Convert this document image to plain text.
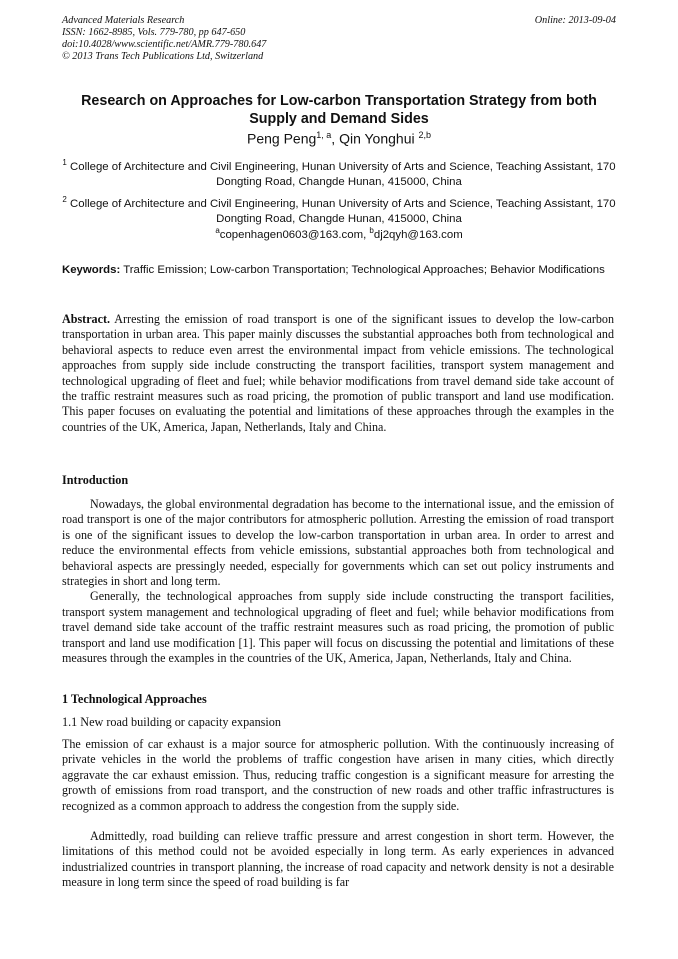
Advanced Materials Research
ISSN: 1662-8985, Vols. 779-780, pp 647-650
doi:10.4028/www.scientific.net/AMR.779-780.647
© 2013 Trans Tech Publications Ltd, Switzerland
Online: 2013-09-04
Research on Approaches for Low-carbon Transportation Strategy from both Supply and Demand Sides
Peng Peng$^{1, a}$, Qin Yonghui $^{2,b}$
$^1$ College of Architecture and Civil Engineering, Hunan University of Arts and Science, Teaching Assistant, 170 Dongting Road, Changde Hunan, 415000, China
$^2$ College of Architecture and Civil Engineering, Hunan University of Arts and Science, Teaching Assistant, 170 Dongting Road, Changde Hunan, 415000, China
$^a$copenhagen0603@163.com, $^b$dj2qyh@163.com
Keywords: Traffic Emission; Low-carbon Transportation; Technological Approaches; Behavior Modifications

Abstract. Arresting the emission of road transport is one of the significant issues to develop the low-carbon transportation in urban area. This paper mainly discusses the substantial approaches both from technological and behavioral aspects to reduce even arrest the environmental impact from vehicle emissions. The technological approaches from supply side include constructing the transport facilities, transport system management and technological upgrading of fleet and fuel; while behavior modifications from travel demand side take account of the traffic restraint measures such as road pricing, the promotion of public transport and land use modification. This paper focuses on evaluating the potential and limitations of these approaches through the examples in the countries of the UK, America, Japan, Netherlands, Italy and China.

Introduction

Nowadays, the global environmental degradation has become to the international issue, and the emission of road transport is one of the major contributors for atmospheric pollution. Arresting the emission of road transport is one of the significant issues to develop the low-carbon transportation in urban area. In order to arrest and reduce the environmental effects from vehicle emissions, substantial approaches both from technological and behavioral aspects are pressingly needed, especially for governments which can set out policy instruments and strategies in short and long term.

Generally, the technological approaches from supply side include constructing the transport facilities, transport system management and technological upgrading of fleet and fuel; while behavior modifications from travel demand side take account of the traffic restraint measures such as road pricing, the promotion of public transport and land use modification [1]. This paper will focus on discussing the potential and limitations of these measures through the examples in the countries of the UK, America, Japan, Netherlands, Italy and China.

1 Technological Approaches
1.1 New road building or capacity expansion

The emission of car exhaust is a major source for atmospheric pollution. With the continuously increasing of private vehicles in the world the problems of traffic congestion have arisen in many cities, which directly aggravate the car exhaust emission. Thus, reducing traffic congestion is a significant measure for arresting the growth of emissions from road transport, and the construction of new roads and other traffic infrastructures is recognized as a common approach to address the congestion from the supply side.

Admittedly, road building can relieve traffic pressure and arrest congestion in short term. However, the limitations of this method could not be avoided especially in long term. As early experiences in advanced industrialized countries in transport planning, the increase of road capacity and network density is not a desirable measure in long term since the speed of road building is far
